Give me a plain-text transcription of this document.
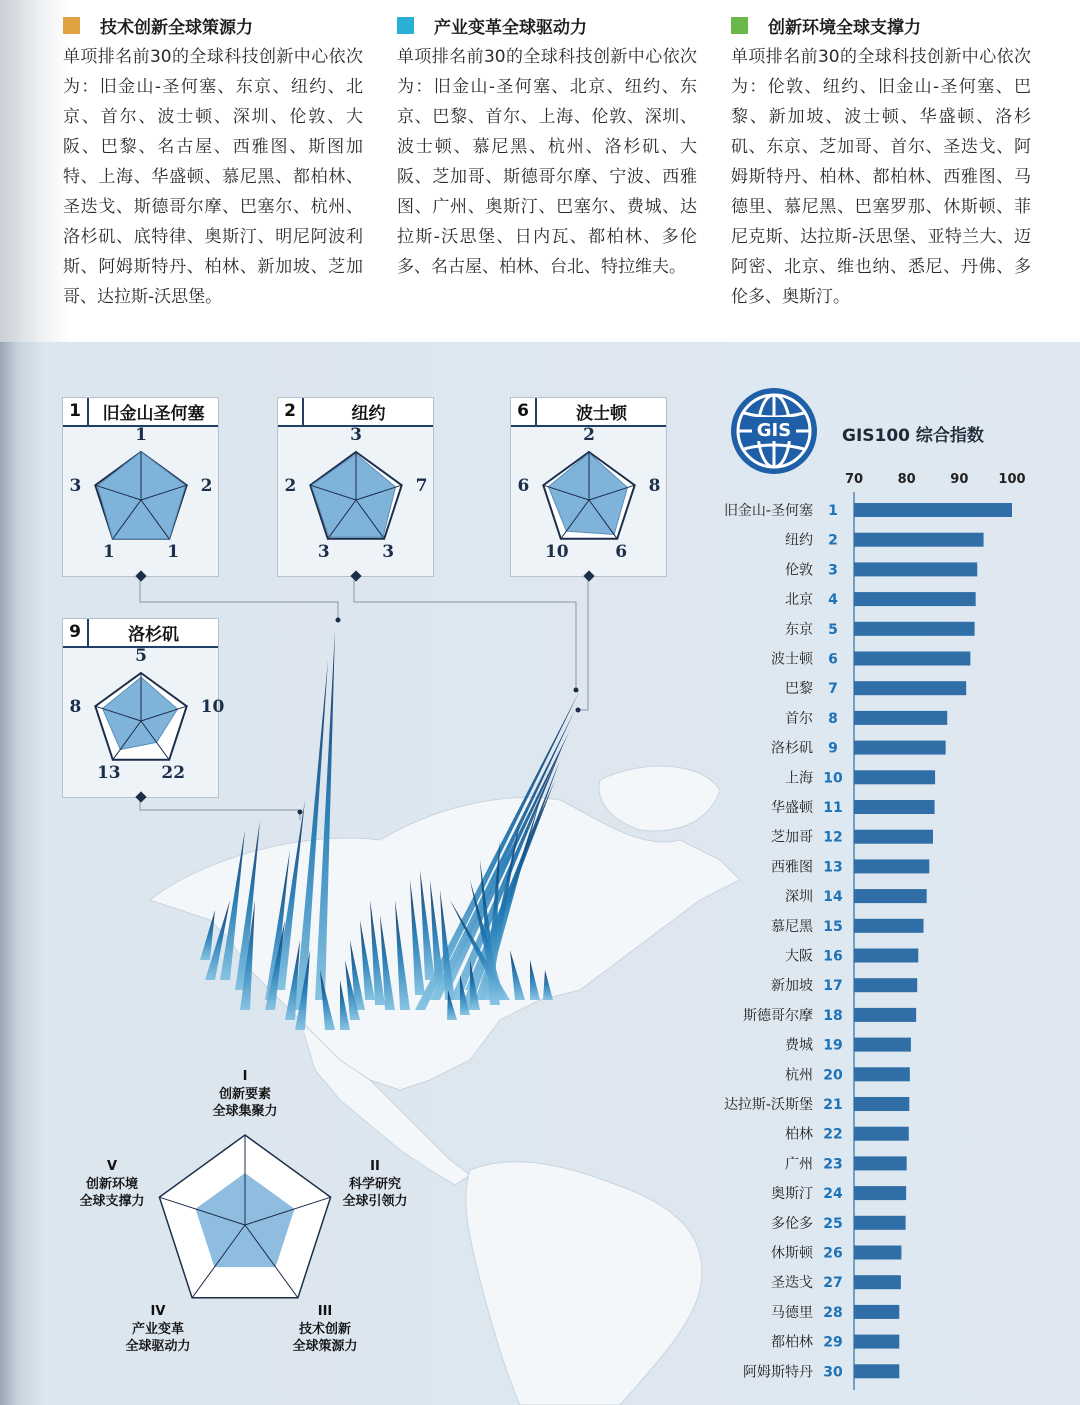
技术创新全球策源力
单项排名前30的全球科技创新中心依次为：旧金山-圣何塞、东京、纽约、北京、首尔、波士顿、深圳、伦敦、大阪、巴黎、名古屋、西雅图、斯图加特、上海、华盛顿、慕尼黑、都柏林、圣迭戈、斯德哥尔摩、巴塞尔、杭州、洛杉矶、底特律、奥斯汀、明尼阿波利斯、阿姆斯特丹、柏林、新加坡、芝加哥、达拉斯-沃思堡。
产业变革全球驱动力
单项排名前30的全球科技创新中心依次为：旧金山-圣何塞、北京、纽约、东京、巴黎、首尔、上海、伦敦、深圳、波士顿、慕尼黑、杭州、洛杉矶、大阪、芝加哥、斯德哥尔摩、宁波、西雅图、广州、奥斯汀、巴塞尔、费城、达拉斯-沃思堡、日内瓦、都柏林、多伦多、名古屋、柏林、台北、特拉维夫。
创新环境全球支撑力
单项排名前30的全球科技创新中心依次为：伦敦、纽约、旧金山-圣何塞、巴黎、新加坡、波士顿、华盛顿、洛杉矶、东京、芝加哥、首尔、圣迭戈、阿姆斯特丹、柏林、都柏林、西雅图、马德里、慕尼黑、巴塞罗那、休斯顿、菲尼克斯、达拉斯-沃思堡、亚特兰大、迈阿密、北京、维也纳、悉尼、丹佛、多伦多、奥斯汀。
1	旧金山圣何塞
1
2
1
1
3
2	纽约
3
7
3
3
2
6	波士顿
2
8
6
10
6
9	洛杉矶
5
10
22
13
8
I
创新要素
全球集聚力
II
科学研究
全球引领力
III
技术创新
全球策源力
IV
产业变革
全球驱动力
V
创新环境
全球支撑力
GIS	GIS100 综合指数
70	80	90 100
旧金山-圣何塞 1
纽约 2
伦敦 3
北京 4
东京 5
波士顿 6
巴黎 7
首尔 8
洛杉矶 9
上海 10
华盛顿 11
芝加哥 12
西雅图 13
深圳 14
慕尼黑 15
大阪 16
新加坡 17
斯德哥尔摩 18
费城 19
杭州 20
达拉斯-沃斯堡 21
柏林 22
广州 23
奥斯汀 24
多伦多 25
休斯顿 26
圣迭戈 27
马德里 28
都柏林 29
阿姆斯特丹 30
